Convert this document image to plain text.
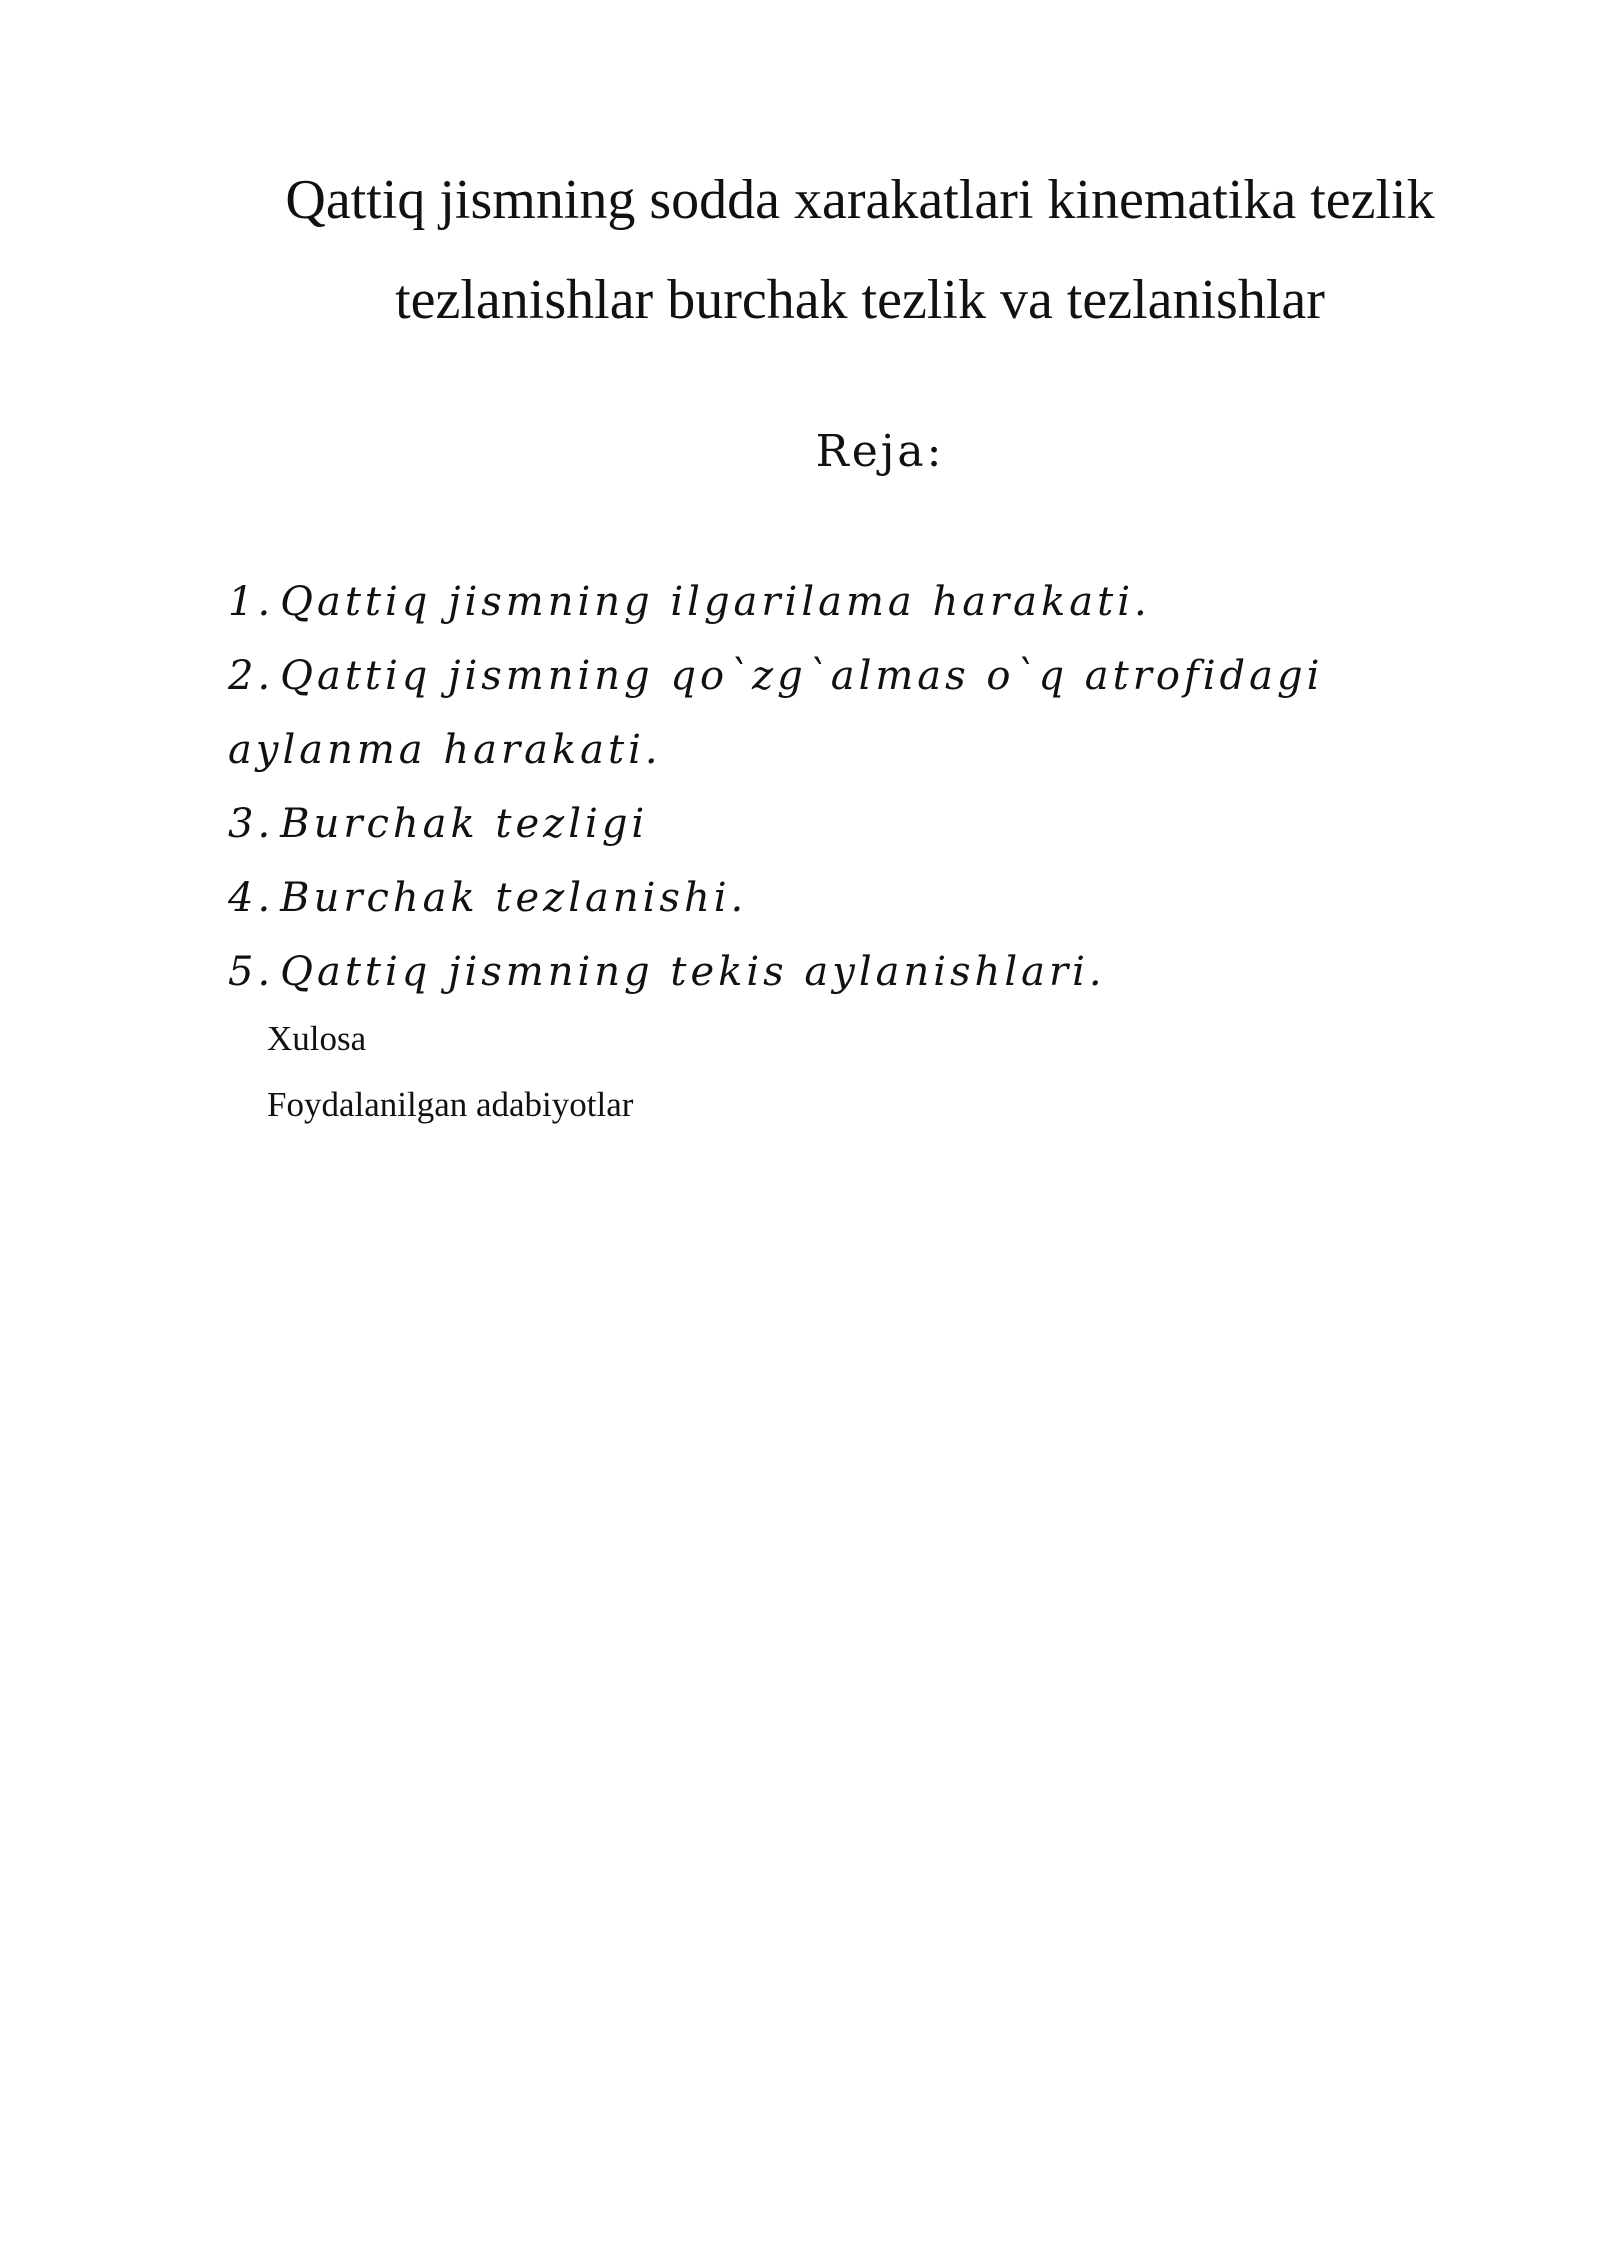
Qattiq jismning sodda xarakatlari kinematika tezlik
tezlanishlar burchak tezlik va tezlanishlar
Reja:
1. Qattiq jismning ilgarilama harakati.
2. Qattiq jismning qo`zg`almas o`q atrofidagi aylanma harakati.
3. Burchak tezligi
4. Burchak tezlanishi.
5. Qattiq jismning tekis aylanishlari.

Xulosa

Foydalanilgan adabiyotlar
